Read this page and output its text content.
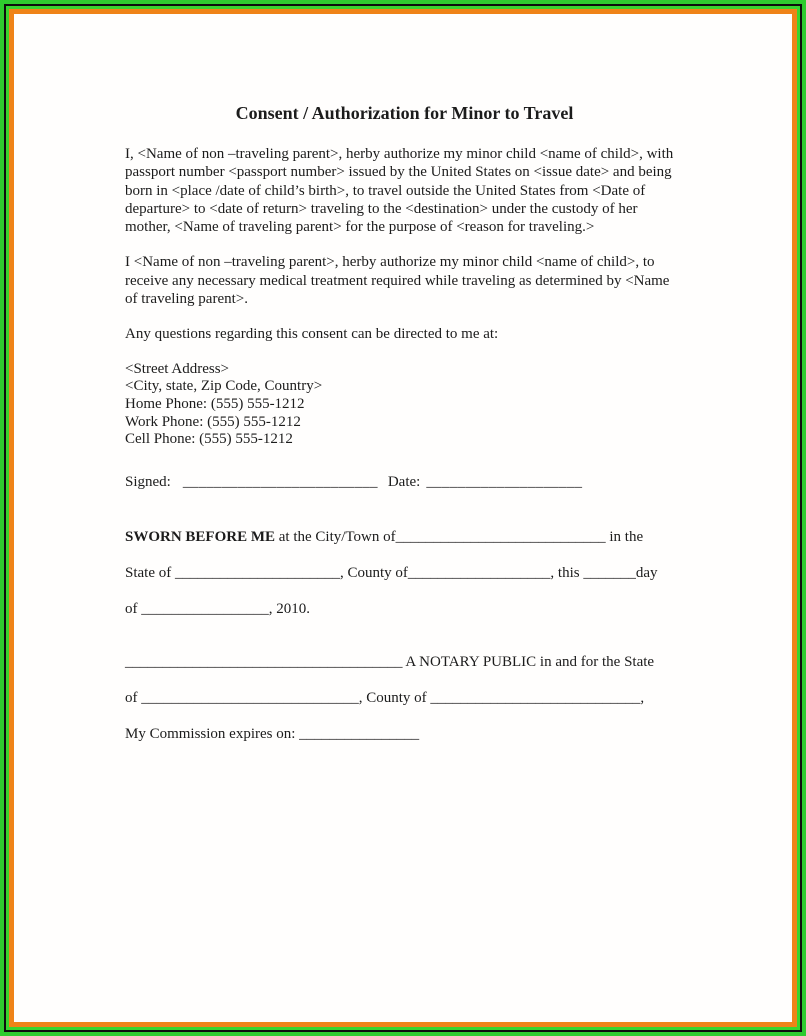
Consent / Authorization for Minor to Travel

I, <Name of non –traveling parent>, herby authorize my minor child <name of child>, with passport number <passport number> issued by the United States on <issue date> and being born in <place /date of child’s birth>, to travel outside the United States from <Date of departure> to <date of return> traveling to the <destination> under the custody of her mother, <Name of traveling parent> for the purpose of <reason for traveling.>

I <Name of non –traveling parent>, herby authorize my minor child <name of child>, to receive any necessary medical treatment required while traveling as determined by <Name of traveling parent>.

Any questions regarding this consent can be directed to me at:

<Street Address>

<City, state, Zip Code, Country>

Home Phone: (555) 555-1212

Work Phone: (555) 555-1212

Cell Phone: (555) 555-1212

Signed: _________________________ Date: ____________________

SWORN BEFORE ME at the City/Town of____________________________ in the

State of ______________________, County of___________________, this _______day

of _________________, 2010.

_____________________________________ A NOTARY PUBLIC in and for the State

of _____________________________, County of ____________________________,

My Commission expires on: ________________
